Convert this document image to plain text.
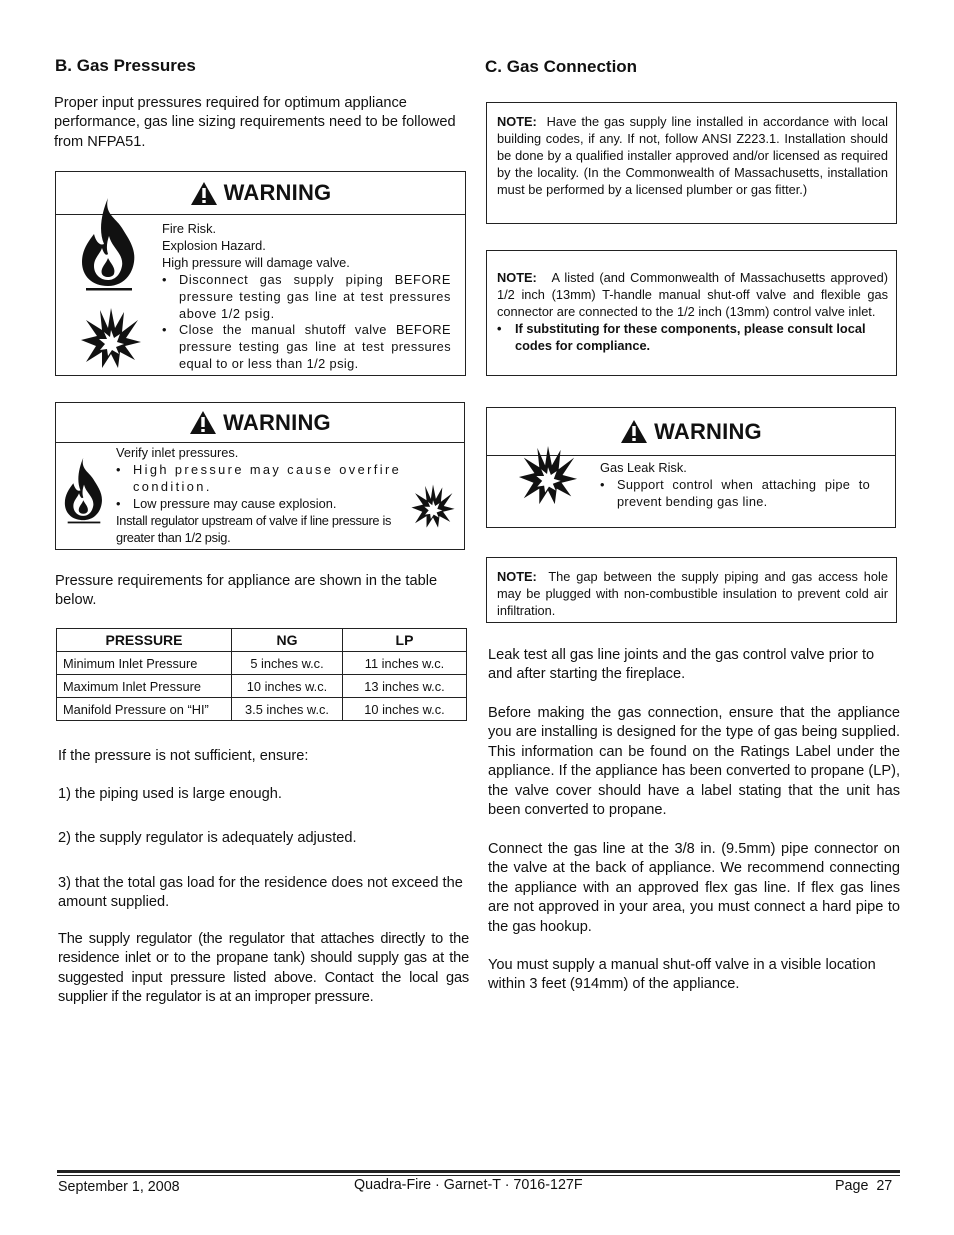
B. Gas Pressures
Proper input pressures required for optimum appliance performance, gas line sizing requirements need to be followed from NFPA51.
WARNING
Fire Risk.
Explosion Hazard.
High pressure will damage valve.
• Disconnect gas supply piping BEFORE pressure testing gas line at test pressures above 1/2 psig.
• Close the manual shutoff valve BEFORE pressure testing gas line at test pressures equal to or less than 1/2 psig.
WARNING
Verify inlet pressures.
• High pressure may cause overfire condition.
• Low pressure may cause explosion.
Install regulator upstream of valve if line pressure is greater than 1/2 psig.
Pressure requirements for appliance are shown in the table below.
PRESSURE	NG	LP
Minimum Inlet Pressure	5 inches w.c.	11 inches w.c.
Maximum Inlet Pressure	10 inches w.c.	13 inches w.c.
Manifold Pressure on “HI”	3.5 inches w.c.	10 inches w.c.
If the pressure is not sufficient, ensure:
1) the piping used is large enough.
2) the supply regulator is adequately adjusted.
3) that the total gas load for the residence does not exceed the amount supplied.
The supply regulator (the regulator that attaches directly to the residence inlet or to the propane tank) should supply gas at the suggested input pressure listed above. Contact the local gas supplier if the regulator is at an improper pressure.
C. Gas Connection
NOTE: Have the gas supply line installed in accordance with local building codes, if any. If not, follow ANSI Z223.1. Installation should be done by a qualified installer approved and/or licensed as required by the locality. (In the Commonwealth of Massachusetts, installation must be performed by a licensed plumber or gas fitter.)
NOTE: A listed (and Commonwealth of Massachusetts approved) 1/2 inch (13mm) T-handle manual shut-off valve and flexible gas connector are connected to the 1/2 inch (13mm) control valve inlet.
• If substituting for these components, please consult local codes for compliance.
WARNING
Gas Leak Risk.
• Support control when attaching pipe to prevent bending gas line.
NOTE: The gap between the supply piping and gas access hole may be plugged with non-combustible insulation to prevent cold air infiltration.
Leak test all gas line joints and the gas control valve prior to and after starting the fireplace.
Before making the gas connection, ensure that the appliance you are installing is designed for the type of gas being supplied. This information can be found on the Ratings Label under the appliance. If the appliance has been converted to propane (LP), the valve cover should have a label stating that the unit has been converted to propane.
Connect the gas line at the 3/8 in. (9.5mm) pipe connector on the valve at the back of appliance. We recommend connecting the appliance with an approved flex gas line. If flex gas lines are not approved in your area, you must connect a hard pipe to the gas hookup.
You must supply a manual shut-off valve in a visible location within 3 feet (914mm) of the appliance.
September 1, 2008	Quadra-Fire · Garnet-T · 7016-127F	Page  27
